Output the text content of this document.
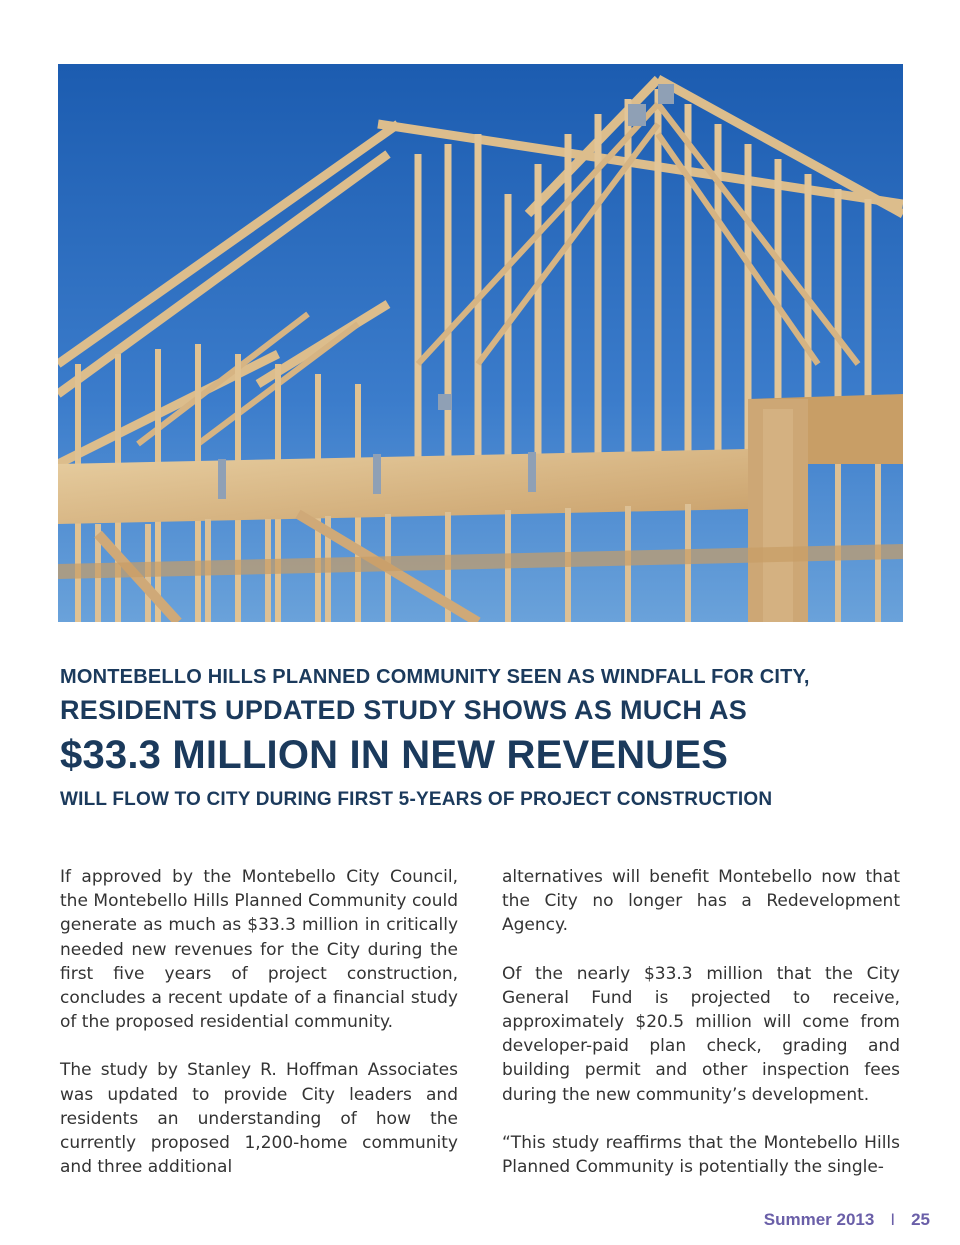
MONTEBELLO HILLS PLANNED COMMUNITY SEEN AS WINDFALL FOR CITY,
RESIDENTS UPDATED STUDY SHOWS AS MUCH AS
$33.3 MILLION IN NEW REVENUES
WILL FLOW TO CITY DURING FIRST 5-YEARS OF PROJECT CONSTRUCTION

If approved by the Montebello City Council, the Montebello Hills Planned Community could generate as much as $33.3 million in critically needed new revenues for the City during the first five years of project construction, concludes a recent update of a financial study of the proposed residential community.

The study by Stanley R. Hoffman Associates was updated to provide City leaders and residents an understanding of how the currently proposed 1,200-home community and three additional

alternatives will benefit Montebello now that the City no longer has a Redevelopment Agency.

Of the nearly $33.3 million that the City General Fund is projected to receive, approximately $20.5 million will come from developer-paid plan check, grading and building permit and other inspection fees during the new community’s development.

“This study reaffirms that the Montebello Hills Planned Community is potentially the single-

Summer 2013 I 25
